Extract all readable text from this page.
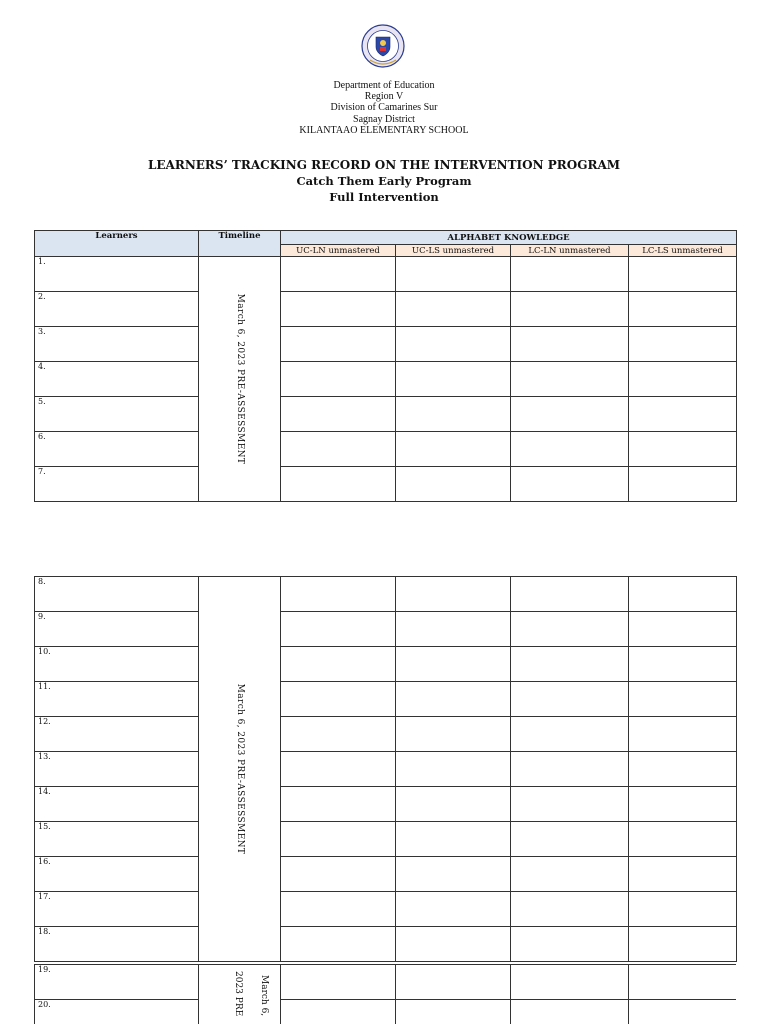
Department of Education
Region V
Division of Camarines Sur
Sagnay District
KILANTAAO ELEMENTARY SCHOOL
LEARNERS’ TRACKING RECORD ON THE INTERVENTION PROGRAM
Catch Them Early Program
Full Intervention
Learners	Timeline	ALPHABET KNOWLEDGE			
		UC-LN unmastered	UC-LS unmastered	LC-LN unmastered	LC-LS unmastered
1.	March 6, 2023 PRE-ASSESSMENT				

2.					
3.					
4.					
5.					
6.					
7.					
8.	March 6, 2023 PRE-ASSESSMENT				

9.					
10.					
11.					
12.					
13.					
14.					
15.					
16.					
17.					
18.					
19.	March 6,
2023 PRE				

20.					
